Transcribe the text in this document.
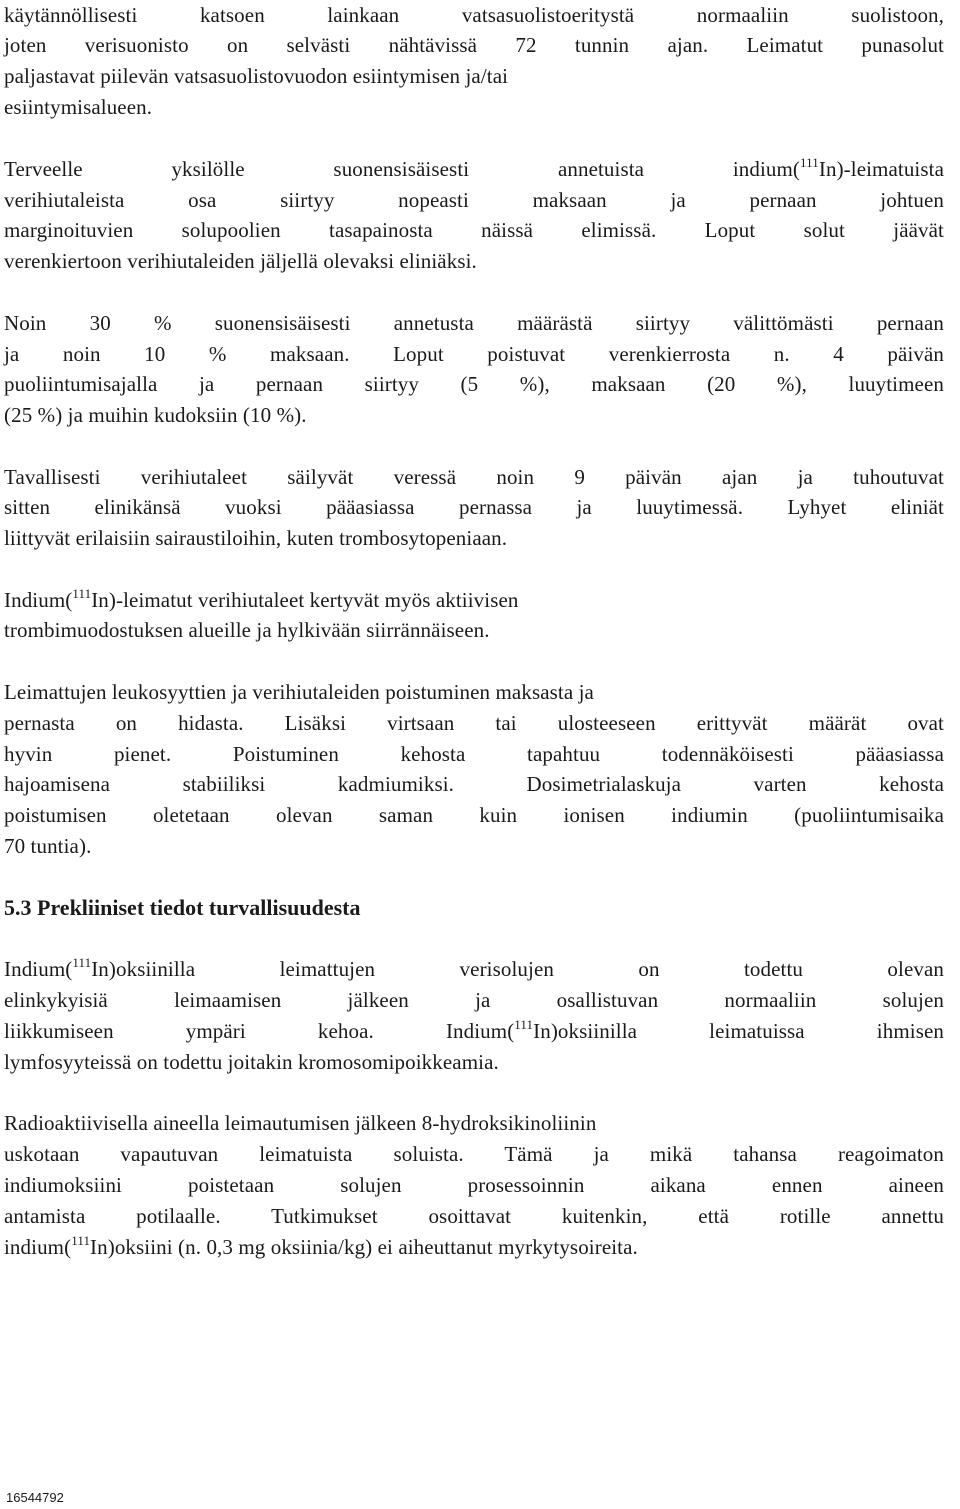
käytännöllisesti katsoen lainkaan vatsasuolistoeritystä normaaliin suolistoon,
joten verisuonisto on selvästi nähtävissä 72 tunnin ajan. Leimatut punasolut
paljastavat piilevän vatsasuolistovuodon esiintymisen ja/tai
esiintymisalueen.
Terveelle yksilölle suonensisäisesti annetuista indium($^{111}$In)-leimatuista
verihiutaleista osa siirtyy nopeasti maksaan ja pernaan johtuen
marginoituvien solupoolien tasapainosta näissä elimissä. Loput solut jäävät
verenkiertoon verihiutaleiden jäljellä olevaksi eliniäksi.
Noin 30 % suonensisäisesti annetusta määrästä siirtyy välittömästi pernaan
ja noin 10 % maksaan. Loput poistuvat verenkierrosta n. 4 päivän
puoliintumisajalla ja pernaan siirtyy (5 %), maksaan (20 %), luuytimeen
(25 %) ja muihin kudoksiin (10 %).
Tavallisesti verihiutaleet säilyvät veressä noin 9 päivän ajan ja tuhoutuvat
sitten elinikänsä vuoksi pääasiassa pernassa ja luuytimessä. Lyhyet eliniät
liittyvät erilaisiin sairaustiloihin, kuten trombosytopeniaan.
Indium($^{111}$In)-leimatut verihiutaleet kertyvät myös aktiivisen
trombimuodostuksen alueille ja hylkivään siirrännäiseen.
Leimattujen leukosyyttien ja verihiutaleiden poistuminen maksasta ja
pernasta on hidasta. Lisäksi virtsaan tai ulosteeseen erittyvät määrät ovat
hyvin pienet. Poistuminen kehosta tapahtuu todennäköisesti pääasiassa
hajoamisena stabiiliksi kadmiumiksi. Dosimetrialaskuja varten kehosta
poistumisen oletetaan olevan saman kuin ionisen indiumin (puoliintumisaika
70 tuntia).
5.3 Prekliiniset tiedot turvallisuudesta
Indium($^{111}$In)oksiinilla leimattujen verisolujen on todettu olevan
elinkykyisiä leimaamisen jälkeen ja osallistuvan normaaliin solujen
liikkumiseen ympäri kehoa. Indium($^{111}$In)oksiinilla leimatuissa ihmisen
lymfosyyteissä on todettu joitakin kromosomipoikkeamia.
Radioaktiivisella aineella leimautumisen jälkeen 8-hydroksikinoliinin
uskotaan vapautuvan leimatuista soluista. Tämä ja mikä tahansa reagoimaton
indiumoksiini poistetaan solujen prosessoinnin aikana ennen aineen
antamista potilaalle. Tutkimukset osoittavat kuitenkin, että rotille annettu
indium($^{111}$In)oksiini (n. 0,3 mg oksiinia/kg) ei aiheuttanut myrkytysoireita.
16544792
